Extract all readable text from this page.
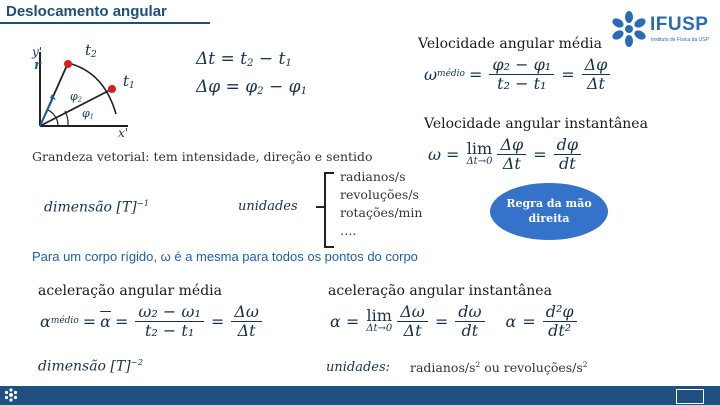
Deslocamento angular
IFUSP
Instituto de Física da USP
y'
x'
r
t2
t1
φ2
φ1
Δt = t2 − t1
Δφ = φ2 − φ1
Velocidade angular média
ω médio = $\frac{\text{φ₂ − φ₁}}{\text{t₂ − t₁}} = \frac{\Delta\varphi}{\Delta t}$
Velocidade angular instantânea
ω = lim
$\Delta t\to 0 \frac{\Delta\varphi}{\Delta t} = \frac{d\varphi}{dt}$
Grandeza vetorial: tem intensidade, direção e sentido
dimensão $[T]^{-1}$	unidades
radianos/s
revoluções/s
rotações/min
….
Regra da mão direita
Para um corpo rígido, ω é a mesma para todos os pontos do corpo
aceleração angular média
α médio = $\overline{\alpha} = \frac{\text{ω₂ − ω₁}}{\text{t₂ − t₁}} = \frac{\Delta\omega}{\Delta t}$
aceleração angular instantânea
α = lim
$\Delta t\to 0 \frac{\Delta\omega}{\Delta t} = \frac{d\omega}{dt}$ $\alpha = \frac{\text{d²φ}}{\text{dt²}}$
dimensão $[T]^{-2}$	unidades: radianos/$s^2$ ou revoluções/$s^2$
